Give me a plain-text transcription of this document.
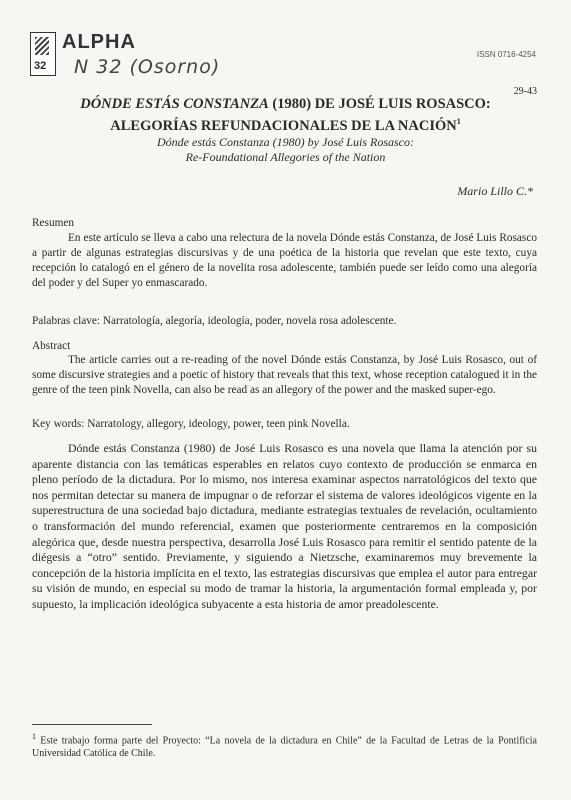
32
ALPHA
N 32 (Osorno)
ISSN 0716-4254
29-43
DÓNDE ESTÁS CONSTANZA (1980) DE JOSÉ LUIS ROSASCO:
ALEGORÍAS REFUNDACIONALES DE LA NACIÓN$^1$
Dónde estás Constanza (1980) by José Luis Rosasco:
Re-Foundational Allegories of the Nation
Mario Lillo C.*
Resumen
En este artículo se lleva a cabo una relectura de la novela Dónde estás Constanza, de José Luis Rosasco a partir de algunas estrategias discursivas y de una poética de la historia que revelan que este texto, cuya recepción lo catalogó en el género de la novelita rosa adolescente, también puede ser leído como una alegoría del poder y del Super yo enmascarado.
Palabras clave: Narratología, alegoría, ideología, poder, novela rosa adolescente.
Abstract
The article carries out a re-reading of the novel Dónde estás Constanza, by José Luis Rosasco, out of some discursive strategies and a poetic of history that reveals that this text, whose reception catalogued it in the genre of the teen pink Novella, can also be read as an allegory of the power and the masked super-ego.
Key words: Narratology, allegory, ideology, power, teen pink Novella.
Dónde estás Constanza (1980) de José Luis Rosasco es una novela que llama la atención por su aparente distancia con las temáticas esperables en relatos cuyo contexto de producción se enmarca en pleno período de la dictadura. Por lo mismo, nos interesa examinar aspectos narratológicos del texto que nos permitan detectar su manera de impugnar o de reforzar el sistema de valores ideológicos vigente en la superestructura de una sociedad bajo dictadura, mediante estrategias textuales de revelación, ocultamiento o transformación del mundo referencial, examen que posteriormente centraremos en la composición alegórica que, desde nuestra perspectiva, desarrolla José Luis Rosasco para remitir el sentido patente de la diégesis a “otro” sentido. Previamente, y siguiendo a Nietzsche, examinaremos muy brevemente la concepción de la historia implícita en el texto, las estrategias discursivas que emplea el autor para entregar su visión de mundo, en especial su modo de tramar la historia, la argumentación formal empleada y, por supuesto, la implicación ideológica subyacente a esta historia de amor preadolescente.
$^1$ Este trabajo forma parte del Proyecto: “La novela de la dictadura en Chile” de la Facultad de Letras de la Pontificia Universidad Católica de Chile.
